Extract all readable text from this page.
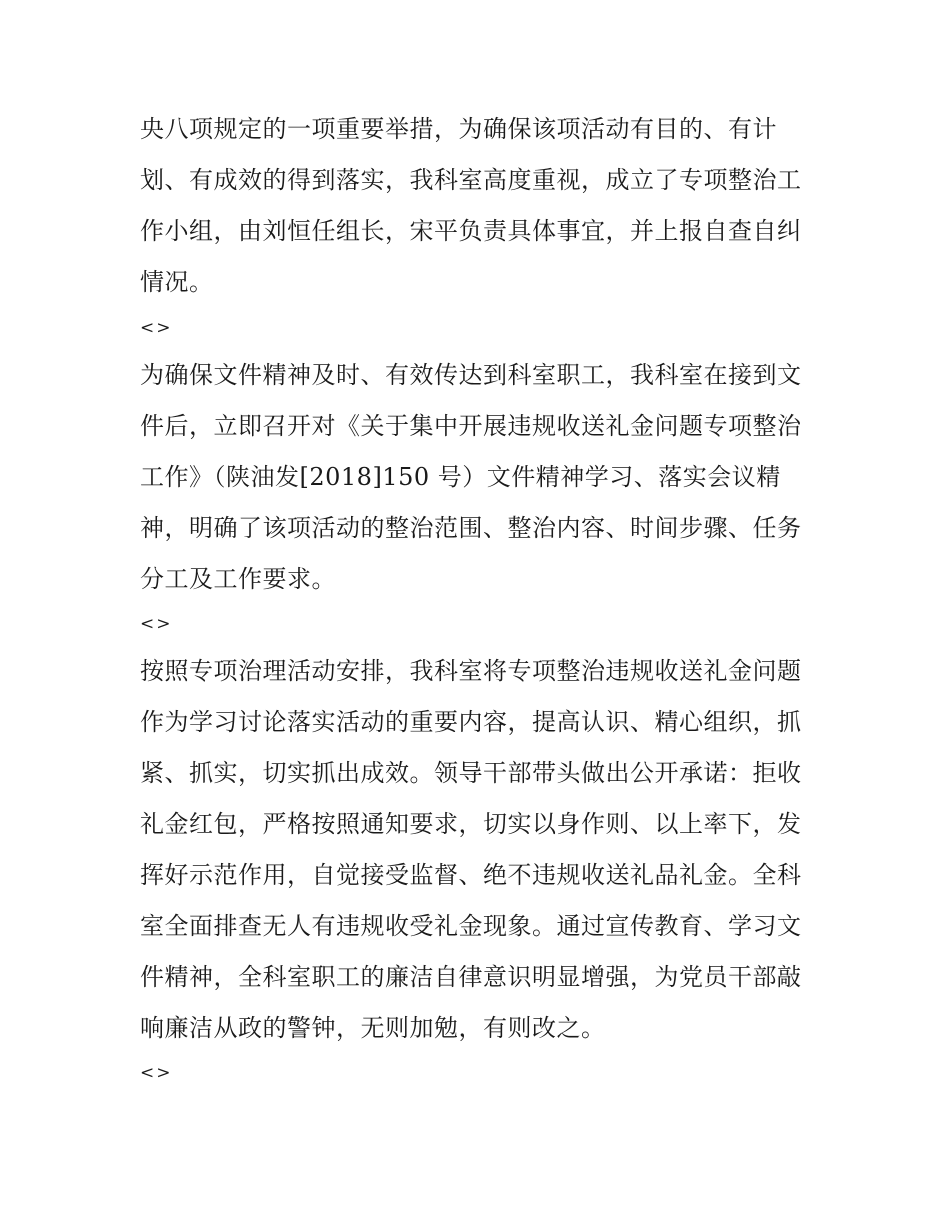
央八项规定的一项重要举措，为确保该项活动有目的、有计
划、有成效的得到落实，我科室高度重视，成立了专项整治工
作小组，由刘恒任组长，宋平负责具体事宜，并上报自查自纠
情况。
<>
为确保文件精神及时、有效传达到科室职工，我科室在接到文
件后，立即召开对《关于集中开展违规收送礼金问题专项整治
工作》（陕油发[2018]150 号）文件精神学习、落实会议精
神，明确了该项活动的整治范围、整治内容、时间步骤、任务
分工及工作要求。
<>
按照专项治理活动安排，我科室将专项整治违规收送礼金问题
作为学习讨论落实活动的重要内容，提高认识、精心组织，抓
紧、抓实，切实抓出成效。领导干部带头做出公开承诺：拒收
礼金红包，严格按照通知要求，切实以身作则、以上率下，发
挥好示范作用，自觉接受监督、绝不违规收送礼品礼金。全科
室全面排查无人有违规收受礼金现象。通过宣传教育、学习文
件精神，全科室职工的廉洁自律意识明显增强，为党员干部敲
响廉洁从政的警钟，无则加勉，有则改之。
<>
